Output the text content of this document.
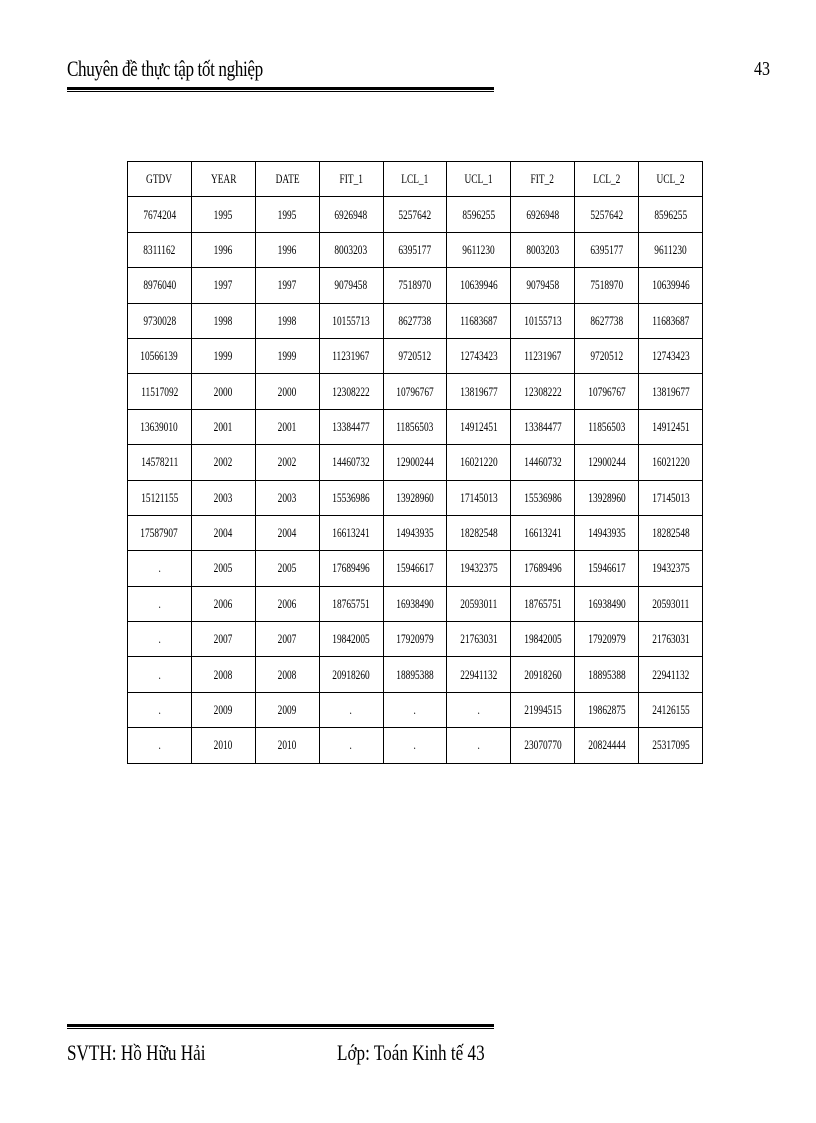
Chuyên đề thực tập tốt nghiệp	43
GTDV	YEAR	DATE	FIT_1	LCL_1	UCL_1	FIT_2	LCL_2	UCL_2
7674204	1995	1995	6926948	5257642	8596255	6926948	5257642	8596255
8311162	1996	1996	8003203	6395177	9611230	8003203	6395177	9611230
8976040	1997	1997	9079458	7518970	10639946	9079458	7518970	10639946
9730028	1998	1998	10155713	8627738	11683687	10155713	8627738	11683687
10566139	1999	1999	11231967	9720512	12743423	11231967	9720512	12743423
11517092	2000	2000	12308222	10796767	13819677	12308222	10796767	13819677
13639010	2001	2001	13384477	11856503	14912451	13384477	11856503	14912451
14578211	2002	2002	14460732	12900244	16021220	14460732	12900244	16021220
15121155	2003	2003	15536986	13928960	17145013	15536986	13928960	17145013
17587907	2004	2004	16613241	14943935	18282548	16613241	14943935	18282548
.	2005	2005	17689496	15946617	19432375	17689496	15946617	19432375
.	2006	2006	18765751	16938490	20593011	18765751	16938490	20593011
.	2007	2007	19842005	17920979	21763031	19842005	17920979	21763031
.	2008	2008	20918260	18895388	22941132	20918260	18895388	22941132
.	2009	2009	.	.	.	21994515	19862875	24126155
.	2010	2010	.	.	.	23070770	20824444	25317095
SVTH: Hồ Hữu Hải	Lớp: Toán Kinh tế 43
